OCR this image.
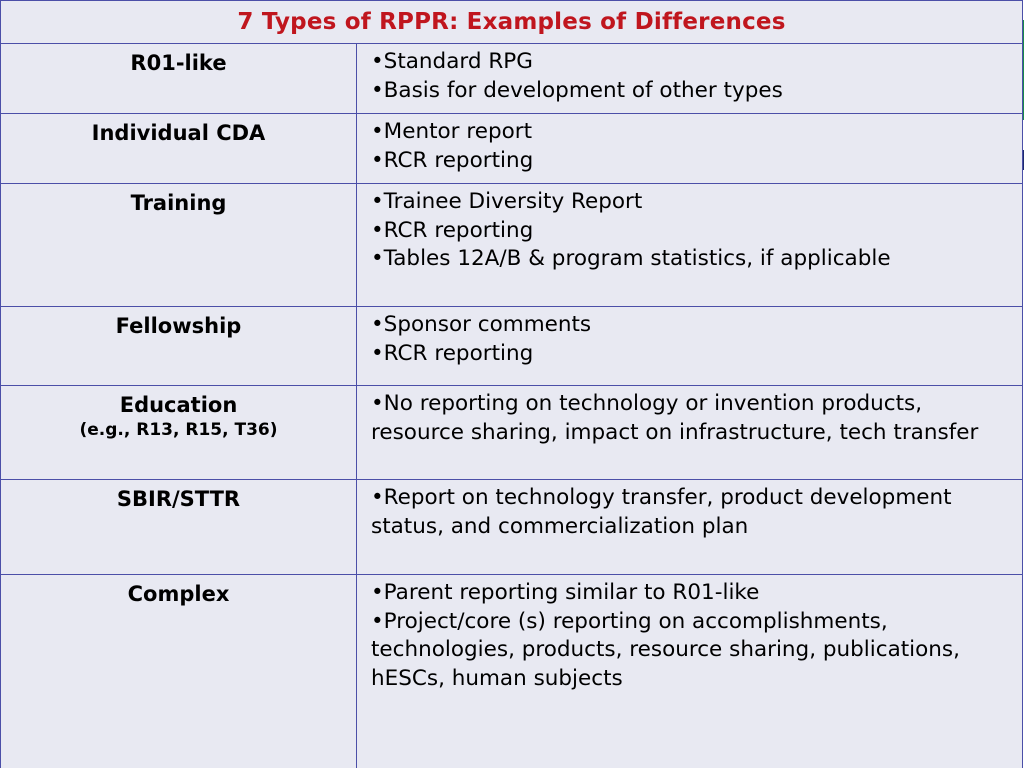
7 Types of RPPR: Examples of Differences	
R01-like	•Standard RPG
•Basis for development of other types

Individual CDA	•Mentor report
•RCR reporting

Training	•Trainee Diversity Report
•RCR reporting
•Tables 12A/B & program statistics, if applicable

Fellowship	•Sponsor comments
•RCR reporting

Education
(e.g., R13, R15, T36)	•No reporting on technology or invention products, resource sharing, impact on infrastructure, tech transfer

SBIR/STTR	•Report on technology transfer, product development status, and commercialization plan

Complex	•Parent reporting similar to R01-like
•Project/core (s) reporting on accomplishments, technologies, products, resource sharing, publications, hESCs, human subjects
